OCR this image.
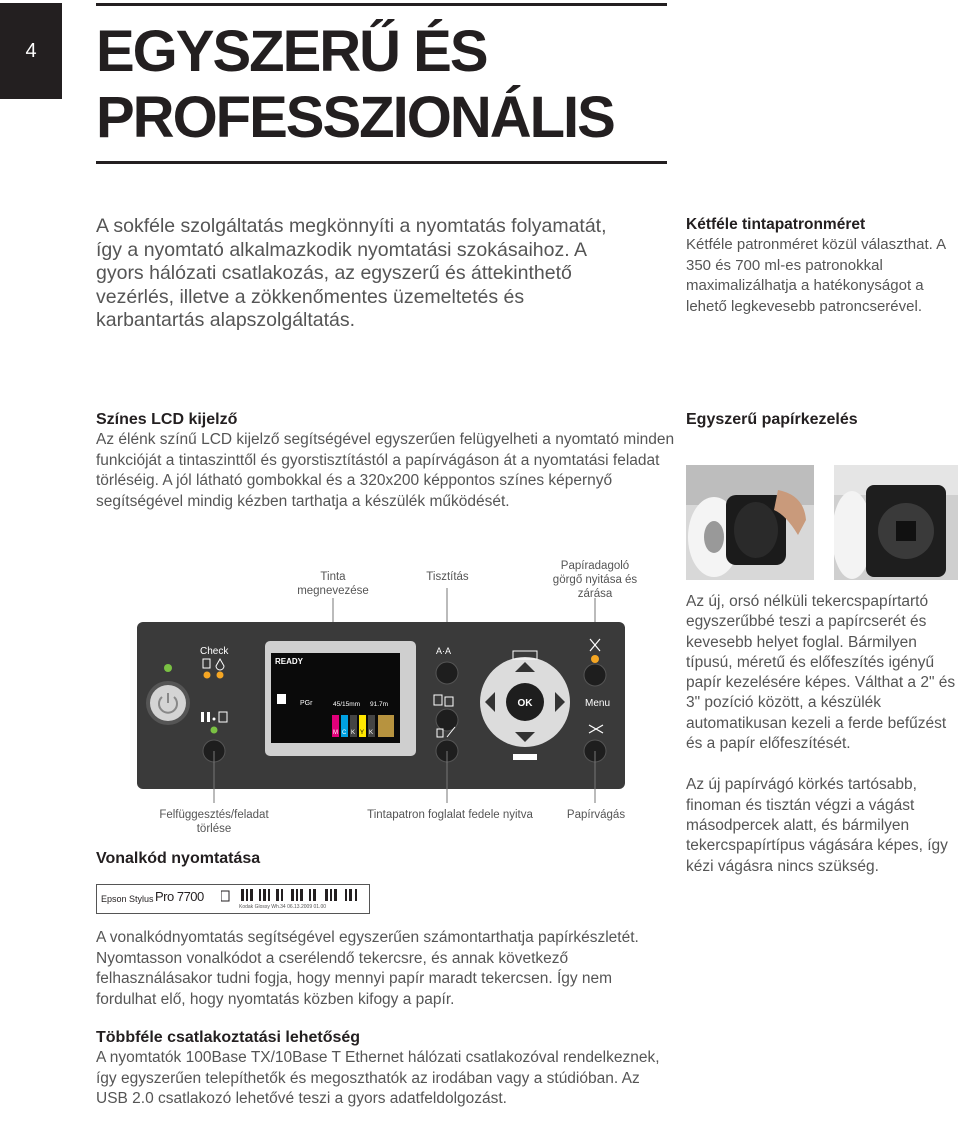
4	EGYSZERŰ ÉS
PROFESSZIONÁLIS

A sokféle szolgáltatás megkönnyíti a nyomtatás folyamatát, így a nyomtató alkalmazkodik nyomtatási szokásaihoz. A gyors hálózati csatlakozás, az egyszerű és áttekinthető vezérlés, illetve a zökkenőmentes üzemeltetés és karbantartás alapszolgáltatás.

Kétféle tintapatronméret

Kétféle patronméret közül választhat. A 350 és 700 ml-es patronokkal maximalizálhatja a hatékonyságot a lehető legkevesebb patroncserével.

Színes LCD kijelző

Az élénk színű LCD kijelző segítségével egyszerűen felügyelheti a nyomtató minden funkcióját a tintaszinttől és gyorstisztítástól a papírvágáson át a nyomtatási feladat törléséig. A jól látható gombokkal és a 320x200 képpontos színes képernyő segítségével mindig kézben tarthatja a készülék működését.

Egyszerű papírkezelés

Az új, orsó nélküli tekercspapírtartó egyszerűbbé teszi a papírcserét és kevesebb helyet foglal. Bármilyen típusú, méretű és előfeszítés igényű papír kezelésére képes. Válthat a 2" és 3" pozíció között, a készülék automatikusan kezeli a ferde befűzést és a papír előfeszítését.

Az új papírvágó körkés tartósabb, finoman és tisztán végzi a vágást másodpercek alatt, és bármilyen tekercspapírtípus vágására képes, így kézi vágásra nincs szükség.

Tinta megnevezése
Tisztítás
Papíradagoló görgő nyitása és zárása
Check
READY
PGr	45/15mm 91.7m
M C K Y K
A·A
OK	Menu
Felfüggesztés/feladat törlése
Tintapatron foglalat fedele nyitva	Papírvágás

Vonalkód nyomtatása

Epson Stylus Pro 7700
Kodak Glossy Wh.34 06.13.2009 01.00

A vonalkódnyomtatás segítségével egyszerűen számontarthatja papírkészletét. Nyomtasson vonalkódot a cserélendő tekercsre, és annak következő felhasználásakor tudni fogja, hogy mennyi papír maradt tekercsen. Így nem fordulhat elő, hogy nyomtatás közben kifogy a papír.

Többféle csatlakoztatási lehetőség

A nyomtatók 100Base TX/10Base T Ethernet hálózati csatlakozóval rendelkeznek, így egyszerűen telepíthetők és megoszthatók az irodában vagy a stúdióban. Az USB 2.0 csatlakozó lehetővé teszi a gyors adatfeldolgozást.
